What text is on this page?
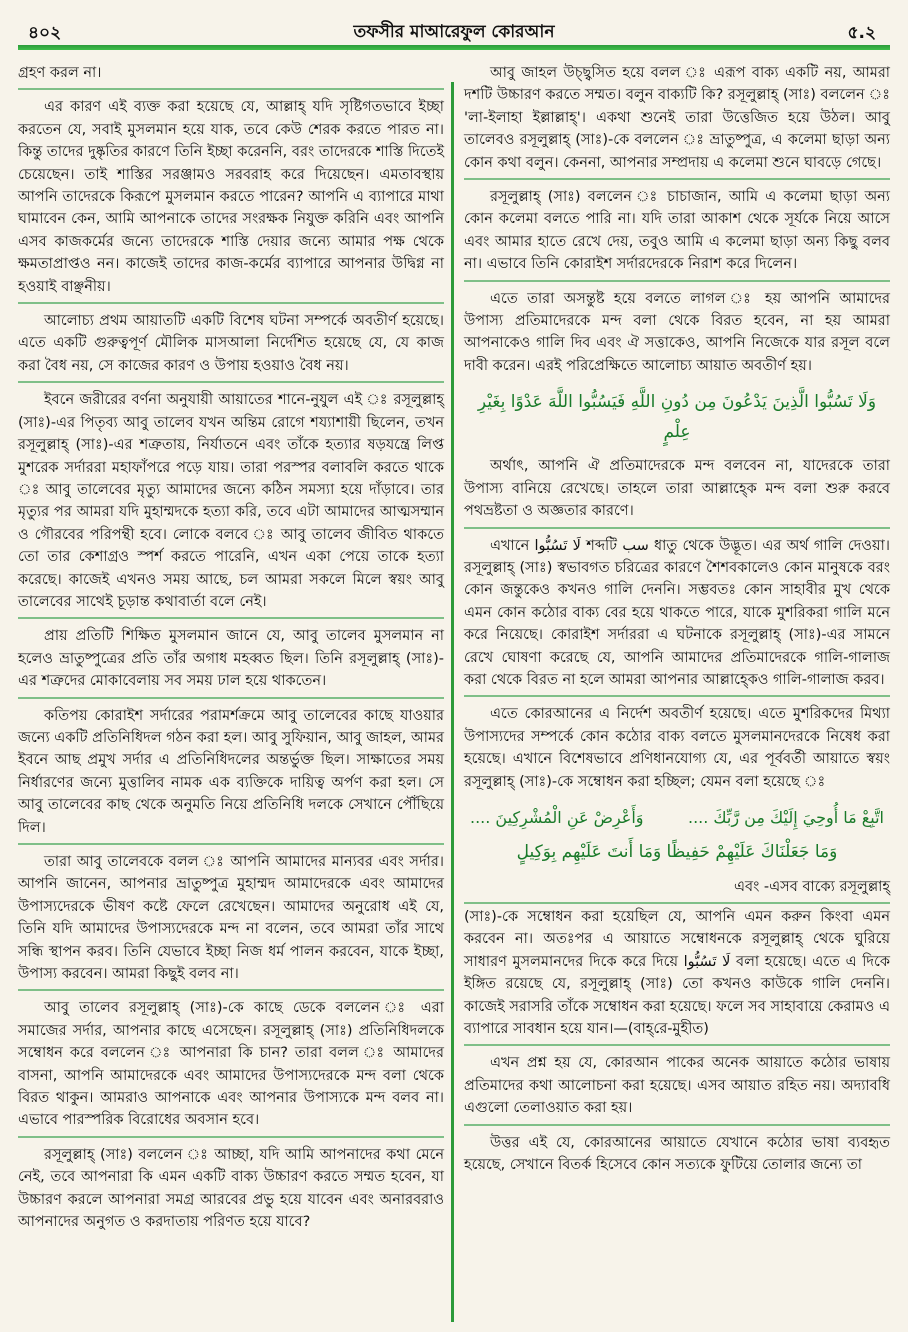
৪০২	তফসীর মাআরেফুল কোরআন	৫.২

গ্রহণ করল না।

এর কারণ এই ব্যক্ত করা হয়েছে যে, আল্লাহ্ যদি সৃষ্টিগতভাবে ইচ্ছা করতেন যে, সবাই মুসলমান হয়ে যাক, তবে কেউ শেরক করতে পারত না। কিন্তু তাদের দুষ্কৃতির কারণে তিনি ইচ্ছা করেননি, বরং তাদেরকে শাস্তি দিতেই চেয়েছেন। তাই শাস্তির সরঞ্জামও সরবরাহ করে দিয়েছেন। এমতাবস্থায় আপনি তাদেরকে কিরূপে মুসলমান করতে পারেন? আপনি এ ব্যাপারে মাথা ঘামাবেন কেন, আমি আপনাকে তাদের সংরক্ষক নিযুক্ত করিনি এবং আপনি এসব কাজকর্মের জন্যে তাদেরকে শাস্তি দেয়ার জন্যে আমার পক্ষ থেকে ক্ষমতাপ্রাপ্তও নন। কাজেই তাদের কাজ-কর্মের ব্যাপারে আপনার উদ্বিগ্ন না হওয়াই বাঞ্ছনীয়।

আলোচ্য প্রথম আয়াতটি একটি বিশেষ ঘটনা সম্পর্কে অবতীর্ণ হয়েছে। এতে একটি গুরুত্বপূর্ণ মৌলিক মাসআলা নির্দেশিত হয়েছে যে, যে কাজ করা বৈধ নয়, সে কাজের কারণ ও উপায় হওয়াও বৈধ নয়।

ইবনে জরীরের বর্ণনা অনুযায়ী আয়াতের শানে-নুযুল এই ঃ রসূলুল্লাহ্ (সাঃ)-এর পিতৃব্য আবু তালেব যখন অন্তিম রোগে শয্যাশায়ী ছিলেন, তখন রসূলুল্লাহ্ (সাঃ)-এর শত্রুতায়, নির্যাতনে এবং তাঁকে হত্যার ষড়যন্ত্রে লিপ্ত মুশরেক সর্দাররা মহাফাঁপরে পড়ে যায়। তারা পরস্পর বলাবলি করতে থাকে ঃ আবু তালেবের মৃত্যু আমাদের জন্যে কঠিন সমস্যা হয়ে দাঁড়াবে। তার মৃত্যুর পর আমরা যদি মুহাম্মদকে হত্যা করি, তবে এটা আমাদের আত্মসম্মান ও গৌরবের পরিপন্থী হবে। লোকে বলবে ঃ আবু তালেব জীবিত থাকতে তো তার কেশাগ্রও স্পর্শ করতে পারেনি, এখন একা পেয়ে তাকে হত্যা করেছে। কাজেই এখনও সময় আছে, চল আমরা সকলে মিলে স্বয়ং আবু তালেবের সাথেই চূড়ান্ত কথাবার্তা বলে নেই।

প্রায় প্রতিটি শিক্ষিত মুসলমান জানে যে, আবু তালেব মুসলমান না হলেও ভ্রাতুষ্পুত্রের প্রতি তাঁর অগাধ মহব্বত ছিল। তিনি রসূলুল্লাহ্ (সাঃ)-এর শত্রুদের মোকাবেলায় সব সময় ঢাল হয়ে থাকতেন।

কতিপয় কোরাইশ সর্দারের পরামর্শক্রমে আবু তালেবের কাছে যাওয়ার জন্যে একটি প্রতিনিধিদল গঠন করা হল। আবু সুফিয়ান, আবু জাহল, আমর ইবনে আছ প্রমুখ সর্দার এ প্রতিনিধিদলের অন্তর্ভুক্ত ছিল। সাক্ষাতের সময় নির্ধারণের জন্যে মুত্তালিব নামক এক ব্যক্তিকে দায়িত্ব অর্পণ করা হল। সে আবু তালেবের কাছ থেকে অনুমতি নিয়ে প্রতিনিধি দলকে সেখানে পৌঁছিয়ে দিল।

তারা আবু তালেবকে বলল ঃ আপনি আমাদের মান্যবর এবং সর্দার। আপনি জানেন, আপনার ভ্রাতুষ্পুত্র মুহাম্মদ আমাদেরকে এবং আমাদের উপাস্যদেরকে ভীষণ কষ্টে ফেলে রেখেছেন। আমাদের অনুরোধ এই যে, তিনি যদি আমাদের উপাস্যদেরকে মন্দ না বলেন, তবে আমরা তাঁর সাথে সন্ধি স্থাপন করব। তিনি যেভাবে ইচ্ছা নিজ ধর্ম পালন করবেন, যাকে ইচ্ছা, উপাস্য করবেন। আমরা কিছুই বলব না।

আবু তালেব রসূলুল্লাহ্ (সাঃ)-কে কাছে ডেকে বললেন ঃ এরা সমাজের সর্দার, আপনার কাছে এসেছেন। রসূলুল্লাহ্ (সাঃ) প্রতিনিধিদলকে সম্বোধন করে বললেন ঃ আপনারা কি চান? তারা বলল ঃ আমাদের বাসনা, আপনি আমাদেরকে এবং আমাদের উপাস্যদেরকে মন্দ বলা থেকে বিরত থাকুন। আমরাও আপনাকে এবং আপনার উপাস্যকে মন্দ বলব না। এভাবে পারস্পরিক বিরোধের অবসান হবে।

রসূলুল্লাহ্ (সাঃ) বললেন ঃ আচ্ছা, যদি আমি আপনাদের কথা মেনে নেই, তবে আপনারা কি এমন একটি বাক্য উচ্চারণ করতে সম্মত হবেন, যা উচ্চারণ করলে আপনারা সমগ্র আরবের প্রভু হয়ে যাবেন এবং অনারবরাও আপনাদের অনুগত ও করদাতায় পরিণত হয়ে যাবে?

আবু জাহল উচ্ছ্বসিত হয়ে বলল ঃ এরূপ বাক্য একটি নয়, আমরা দশটি উচ্চারণ করতে সম্মত। বলুন বাক্যটি কি? রসূলুল্লাহ্ (সাঃ) বললেন ঃ 'লা-ইলাহা ইল্লাল্লাহ্'। একথা শুনেই তারা উত্তেজিত হয়ে উঠল। আবু তালেবও রসূলুল্লাহ্ (সাঃ)-কে বললেন ঃ ভ্রাতুষ্পুত্র, এ কলেমা ছাড়া অন্য কোন কথা বলুন। কেননা, আপনার সম্প্রদায় এ কলেমা শুনে ঘাবড়ে গেছে।

রসূলুল্লাহ্ (সাঃ) বললেন ঃ চাচাজান, আমি এ কলেমা ছাড়া অন্য কোন কলেমা বলতে পারি না। যদি তারা আকাশ থেকে সূর্যকে নিয়ে আসে এবং আমার হাতে রেখে দেয়, তবুও আমি এ কলেমা ছাড়া অন্য কিছু বলব না। এভাবে তিনি কোরাইশ সর্দারদেরকে নিরাশ করে দিলেন।

এতে তারা অসন্তুষ্ট হয়ে বলতে লাগল ঃ হয় আপনি আমাদের উপাস্য প্রতিমাদেরকে মন্দ বলা থেকে বিরত হবেন, না হয় আমরা আপনাকেও গালি দিব এবং ঐ সত্তাকেও, আপনি নিজেকে যার রসূল বলে দাবী করেন। এরই পরিপ্রেক্ষিতে আলোচ্য আয়াত অবতীর্ণ হয়।

وَلَا تَسُبُّوا الَّذِينَ يَدْعُونَ مِن دُونِ اللَّهِ فَيَسُبُّوا اللَّهَ عَدْوًا بِغَيْرِ عِلْمٍ

অর্থাৎ, আপনি ঐ প্রতিমাদেরকে মন্দ বলবেন না, যাদেরকে তারা উপাস্য বানিয়ে রেখেছে। তাহলে তারা আল্লাহ্কে মন্দ বলা শুরু করবে পথভ্রষ্টতা ও অজ্ঞতার কারণে।

এখানে لَا تَسُبُّوا শব্দটি سب ধাতু থেকে উদ্ভূত। এর অর্থ গালি দেওয়া। রসূলুল্লাহ্ (সাঃ) স্বভাবগত চরিত্রের কারণে শৈশবকালেও কোন মানুষকে বরং কোন জন্তুকেও কখনও গালি দেননি। সম্ভবতঃ কোন সাহাবীর মুখ থেকে এমন কোন কঠোর বাক্য বের হয়ে থাকতে পারে, যাকে মুশরিকরা গালি মনে করে নিয়েছে। কোরাইশ সর্দাররা এ ঘটনাকে রসূলুল্লাহ্ (সাঃ)-এর সামনে রেখে ঘোষণা করেছে যে, আপনি আমাদের প্রতিমাদেরকে গালি-গালাজ করা থেকে বিরত না হলে আমরা আপনার আল্লাহ্কেও গালি-গালাজ করব।

এতে কোরআনের এ নির্দেশ অবতীর্ণ হয়েছে। এতে মুশরিকদের মিথ্যা উপাস্যদের সম্পর্কে কোন কঠোর বাক্য বলতে মুসলমানদেরকে নিষেধ করা হয়েছে। এখানে বিশেষভাবে প্রণিধানযোগ্য যে, এর পূর্ববর্তী আয়াতে স্বয়ং রসূলুল্লাহ্ (সাঃ)-কে সম্বোধন করা হচ্ছিল; যেমন বলা হয়েছে ঃ

اتَّبِعْ مَا أُوحِيَ إِلَيْكَ مِن رَّبِّكَ ....
وَأَعْرِضْ عَنِ الْمُشْرِكِينَ ....
وَمَا جَعَلْنَاكَ عَلَيْهِمْ حَفِيظًا وَمَا أَنتَ عَلَيْهِم بِوَكِيلٍ
এবং -এসব বাক্যে রসূলুল্লাহ্

(সাঃ)-কে সম্বোধন করা হয়েছিল যে, আপনি এমন করুন কিংবা এমন করবেন না। অতঃপর এ আয়াতে সম্বোধনকে রসূলুল্লাহ্ থেকে ঘুরিয়ে সাধারণ মুসলমানদের দিকে করে দিয়ে لَا تَسُبُّوا বলা হয়েছে। এতে এ দিকে ইঙ্গিত রয়েছে যে, রসূলুল্লাহ্ (সাঃ) তো কখনও কাউকে গালি দেননি। কাজেই সরাসরি তাঁকে সম্বোধন করা হয়েছে। ফলে সব সাহাবায়ে কেরামও এ ব্যাপারে সাবধান হয়ে যান।—(বাহ্‌রে-মুহীত)

এখন প্রশ্ন হয় যে, কোরআন পাকের অনেক আয়াতে কঠোর ভাষায় প্রতিমাদের কথা আলোচনা করা হয়েছে। এসব আয়াত রহিত নয়। অদ্যাবধি এগুলো তেলাওয়াত করা হয়।

উত্তর এই যে, কোরআনের আয়াতে যেখানে কঠোর ভাষা ব্যবহৃত হয়েছে, সেখানে বিতর্ক হিসেবে কোন সত্যকে ফুটিয়ে তোলার জন্যে তা
